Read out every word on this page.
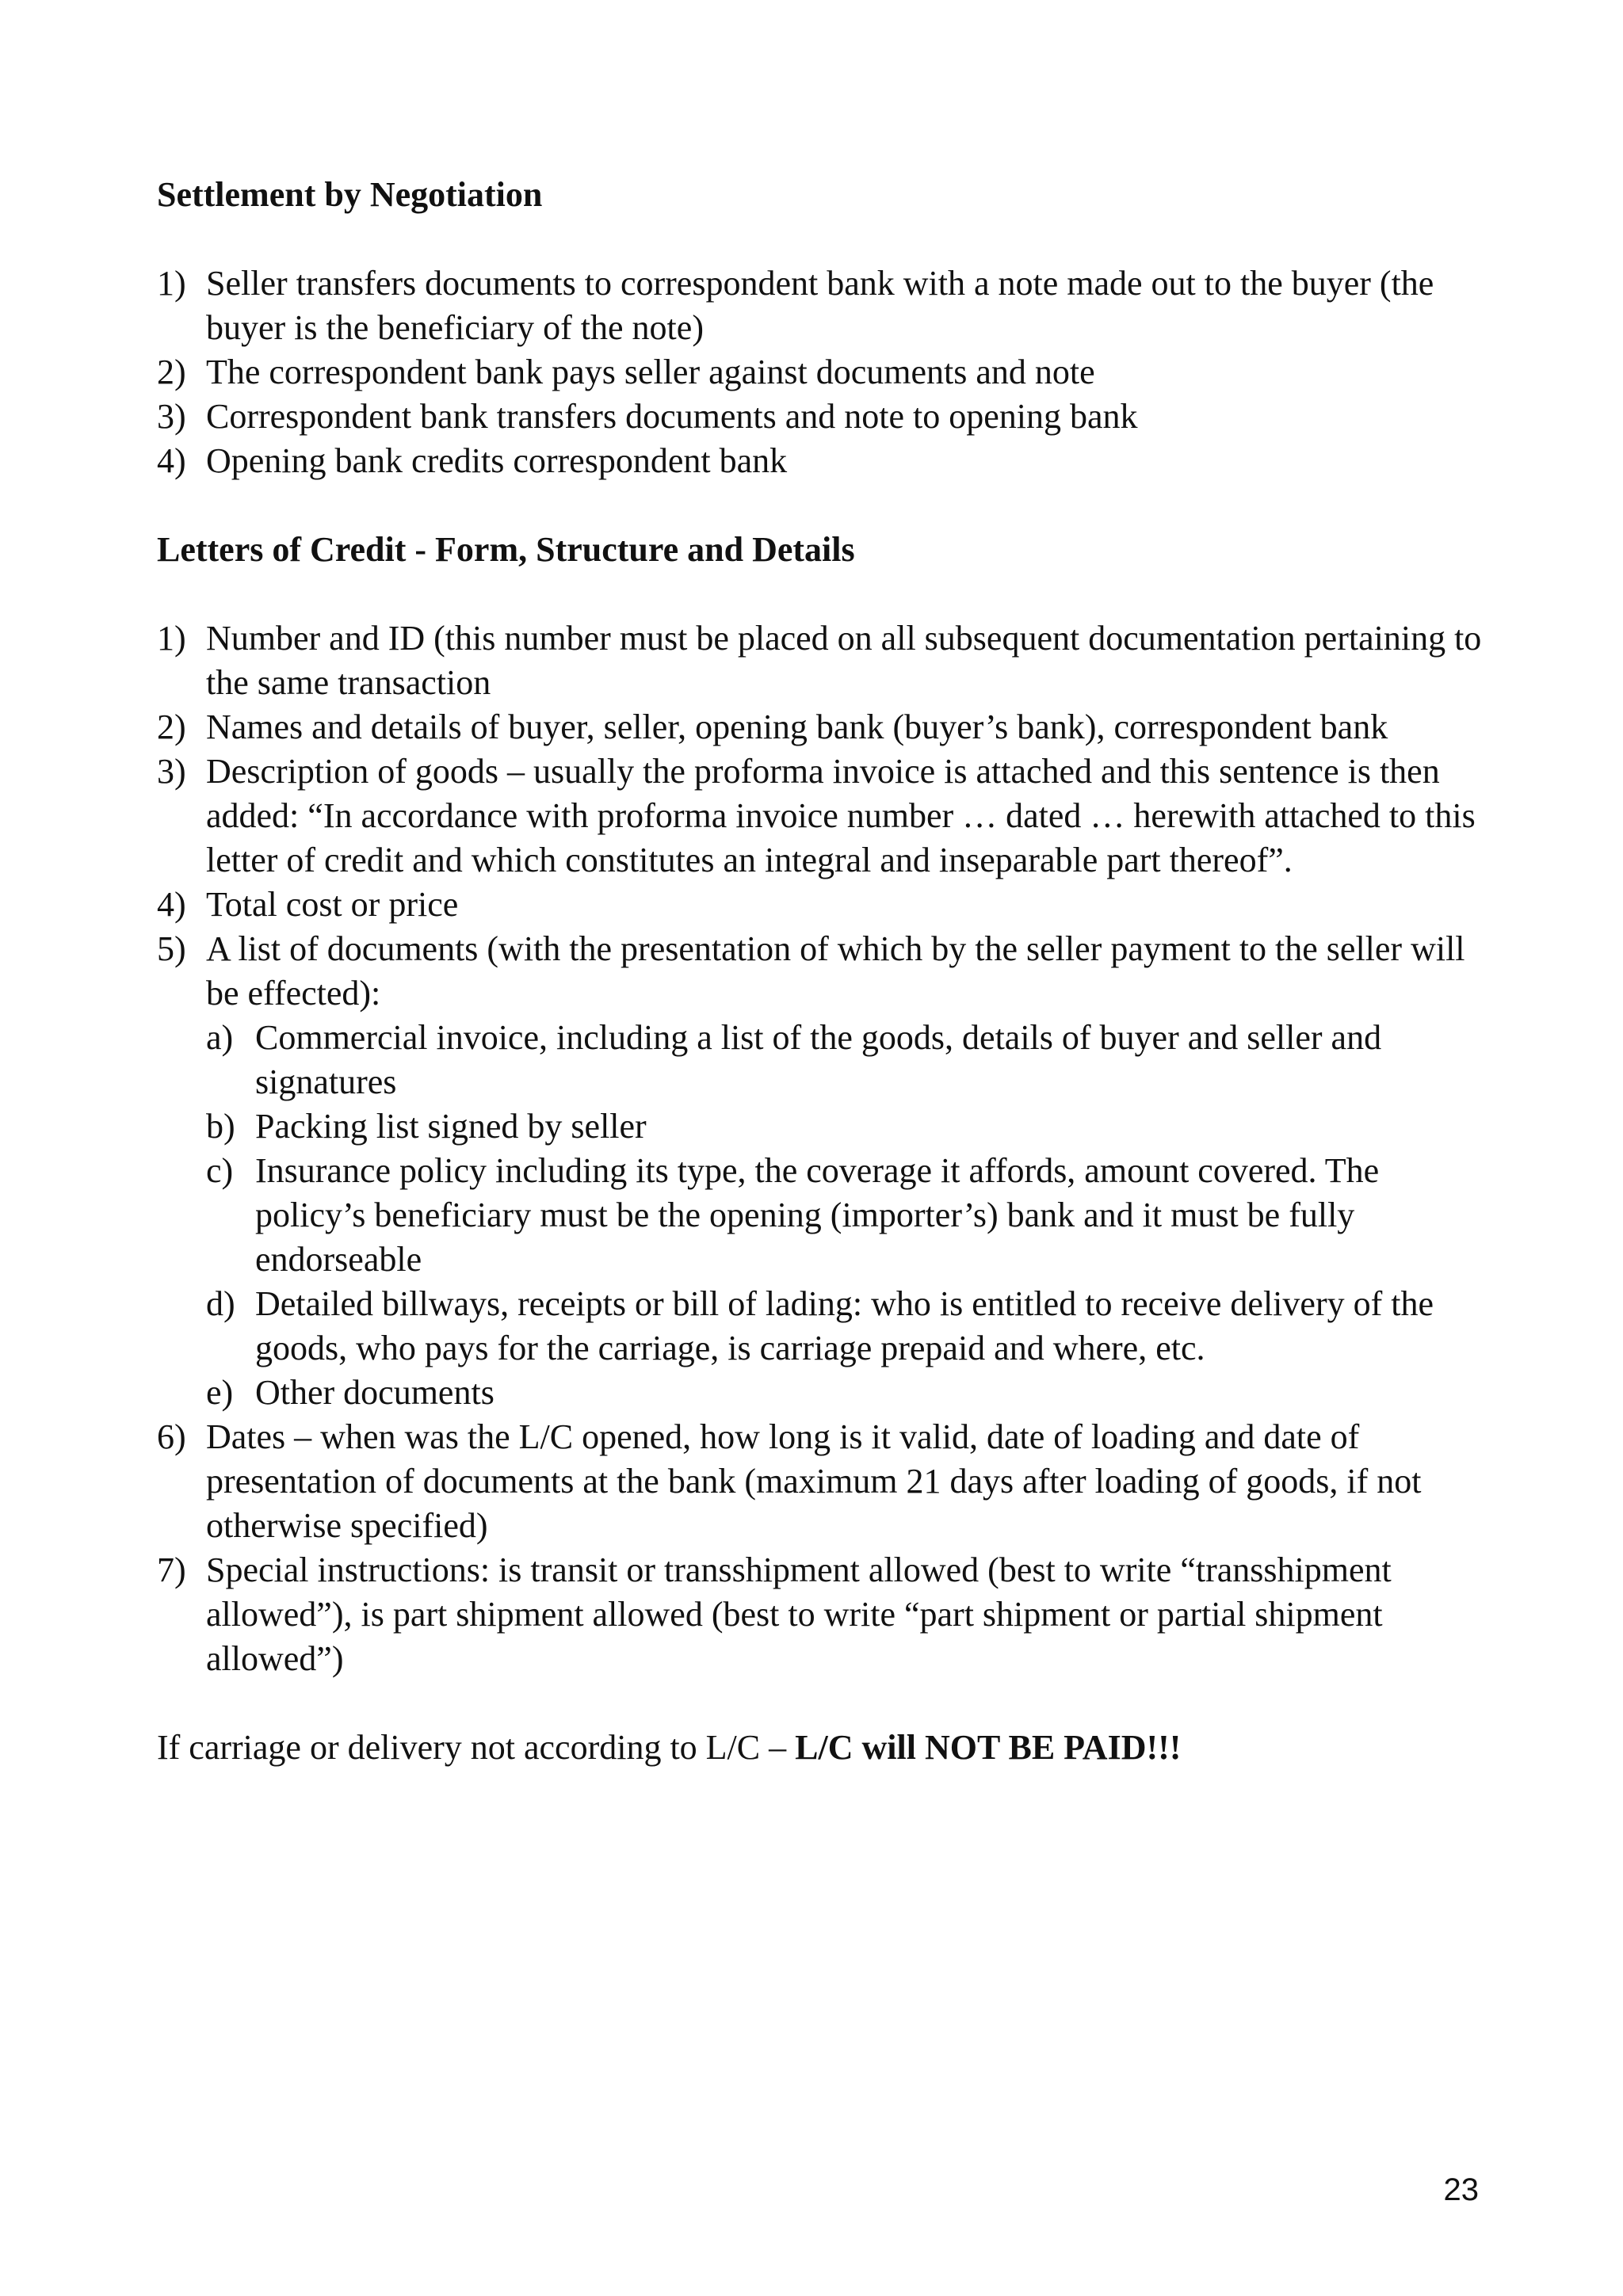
Settlement by Negotiation
1) Seller transfers documents to correspondent bank with a note made out to the buyer (the buyer is the beneficiary of the note)
2) The correspondent bank pays seller against documents and note
3) Correspondent bank transfers documents and note to opening bank
4) Opening bank credits correspondent bank
Letters of Credit - Form, Structure and Details
1) Number and ID (this number must be placed on all subsequent documentation pertaining to the same transaction
2) Names and details of buyer, seller, opening bank (buyer’s bank), correspondent bank
3) Description of goods – usually the proforma invoice is attached and this sentence is then added: “In accordance with proforma invoice number … dated … herewith attached to this letter of credit and which constitutes an integral and inseparable part thereof”.
4) Total cost or price
5) A list of documents (with the presentation of which by the seller payment to the seller will be effected):
a) Commercial invoice, including a list of the goods, details of buyer and seller and signatures
b) Packing list signed by seller
c) Insurance policy including its type, the coverage it affords, amount covered. The policy’s beneficiary must be the opening (importer’s) bank and it must be fully endorseable
d) Detailed billways, receipts or bill of lading: who is entitled to receive delivery of the goods, who pays for the carriage, is carriage prepaid and where, etc.
e) Other documents
6) Dates – when was the L/C opened, how long is it valid, date of loading and date of presentation of documents at the bank (maximum 21 days after loading of goods, if not otherwise specified)
7) Special instructions: is transit or transshipment allowed (best to write “transshipment allowed”), is part shipment allowed (best to write “part shipment or partial shipment allowed”)

If carriage or delivery not according to L/C – L/C will NOT BE PAID!!!

23
